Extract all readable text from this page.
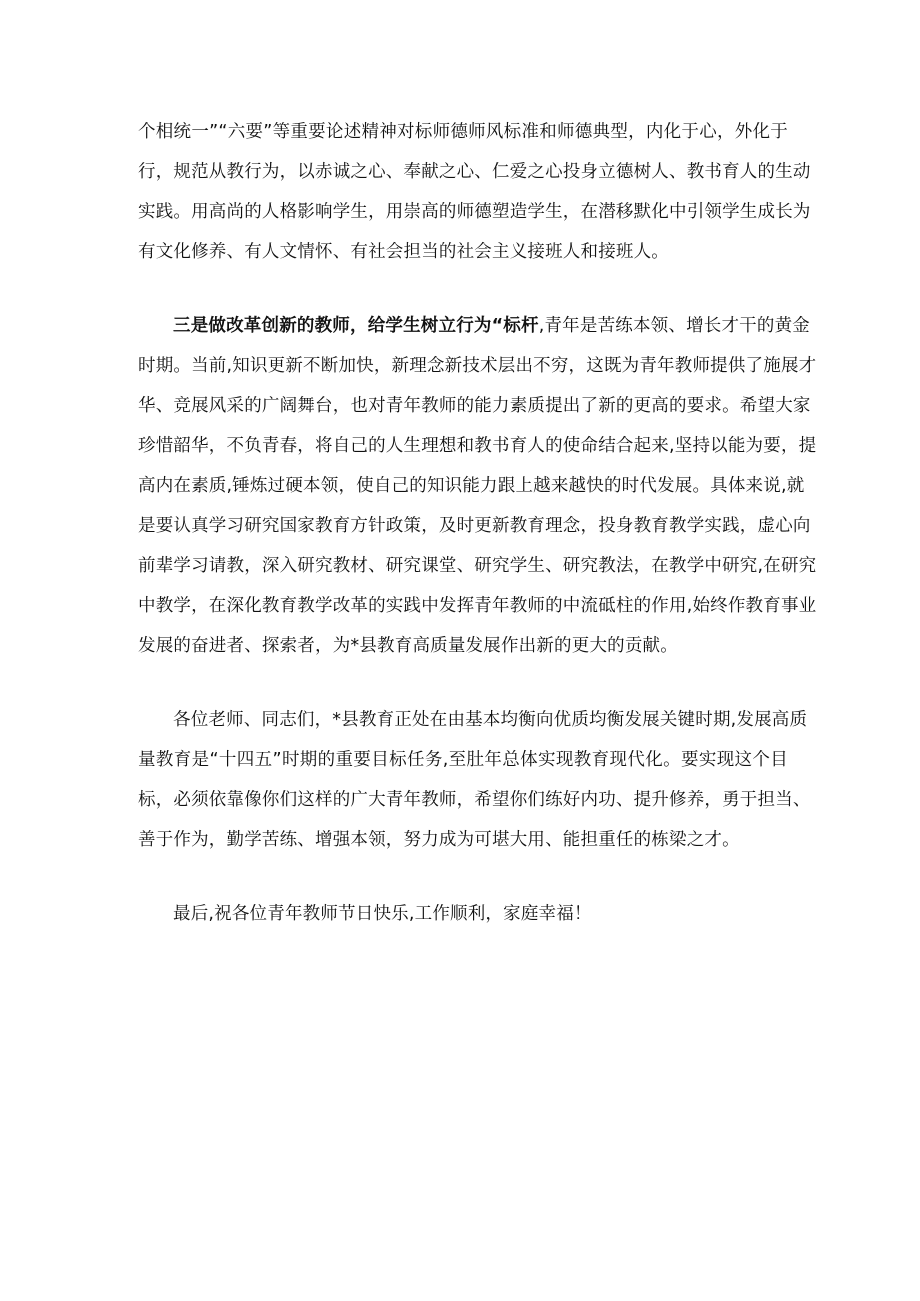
个相统一”“六要”等重要论述精神对标师德师风标准和师德典型，内化于心，外化于
行，规范从教行为，以赤诚之心、奉献之心、仁爱之心投身立德树人、教书育人的生动
实践。用高尚的人格影响学生，用崇高的师德塑造学生，在潜移默化中引领学生成长为
有文化修养、有人文情怀、有社会担当的社会主义接班人和接班人。
三是做改革创新的教师，给学生树立行为“标杆,青年是苦练本领、增长才干的黄金
时期。当前,知识更新不断加快，新理念新技术层出不穷，这既为青年教师提供了施展才
华、竞展风采的广阔舞台，也对青年教师的能力素质提出了新的更高的要求。希望大家
珍惜韶华，不负青春，将自己的人生理想和教书育人的使命结合起来,坚持以能为要，提
高内在素质,锤炼过硬本领，使自己的知识能力跟上越来越快的时代发展。具体来说,就
是要认真学习研究国家教育方针政策，及时更新教育理念，投身教育教学实践，虚心向
前辈学习请教，深入研究教材、研究课堂、研究学生、研究教法，在教学中研究,在研究
中教学，在深化教育教学改革的实践中发挥青年教师的中流砥柱的作用,始终作教育事业
发展的奋进者、探索者，为*县教育高质量发展作出新的更大的贡献。
各位老师、同志们，*县教育正处在由基本均衡向优质均衡发展关键时期,发展高质
量教育是“十四五”时期的重要目标任务,至肚年总体实现教育现代化。要实现这个目
标，必须依靠像你们这样的广大青年教师，希望你们练好内功、提升修养，勇于担当、
善于作为，勤学苦练、增强本领，努力成为可堪大用、能担重任的栋梁之才。
最后,祝各位青年教师节日快乐,工作顺利，家庭幸福！
